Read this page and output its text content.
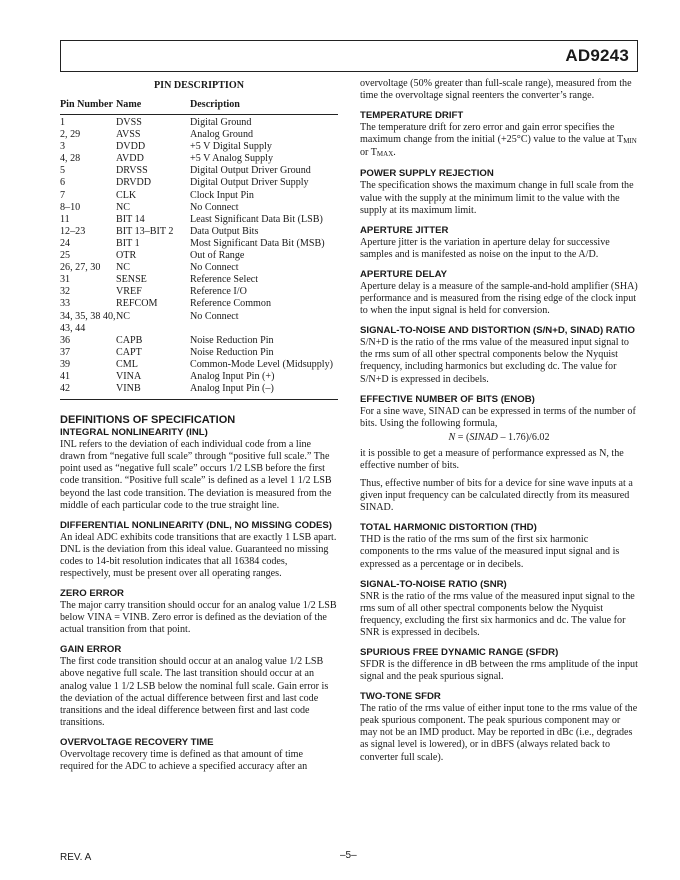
AD9243
PIN DESCRIPTION
Pin Number	Name	Description
1	DVSS	Digital Ground
2, 29	AVSS	Analog Ground
3	DVDD	+5 V Digital Supply
4, 28	AVDD	+5 V Analog Supply
5	DRVSS	Digital Output Driver Ground
6	DRVDD	Digital Output Driver Supply
7	CLK	Clock Input Pin
8–10	NC	No Connect
11	BIT 14	Least Significant Data Bit (LSB)
12–23	BIT 13–BIT 2	Data Output Bits
24	BIT 1	Most Significant Data Bit (MSB)
25	OTR	Out of Range
26, 27, 30	NC	No Connect
31	SENSE	Reference Select
32	VREF	Reference I/O
33	REFCOM	Reference Common
34, 35, 38 40, 43, 44	NC	No Connect
36	CAPB	Noise Reduction Pin
37	CAPT	Noise Reduction Pin
39	CML	Common-Mode Level (Midsupply)
41	VINA	Analog Input Pin (+)
42	VINB	Analog Input Pin (–)
DEFINITIONS OF SPECIFICATION
INTEGRAL NONLINEARITY (INL)

INL refers to the deviation of each individual code from a line drawn from “negative full scale” through “positive full scale.” The point used as “negative full scale” occurs 1/2 LSB before the first code transition. “Positive full scale” is defined as a level 1 1/2 LSB beyond the last code transition. The deviation is measured from the middle of each particular code to the true straight line.

DIFFERENTIAL NONLINEARITY (DNL, NO MISSING CODES)

An ideal ADC exhibits code transitions that are exactly 1 LSB apart. DNL is the deviation from this ideal value. Guaranteed no missing codes to 14-bit resolution indicates that all 16384 codes, respectively, must be present over all operating ranges.

ZERO ERROR

The major carry transition should occur for an analog value 1/2 LSB below VINA = VINB. Zero error is defined as the deviation of the actual transition from that point.

GAIN ERROR

The first code transition should occur at an analog value 1/2 LSB above negative full scale. The last transition should occur at an analog value 1 1/2 LSB below the nominal full scale. Gain error is the deviation of the actual difference between first and last code transitions and the ideal difference between first and last code transitions.

OVERVOLTAGE RECOVERY TIME

Overvoltage recovery time is defined as that amount of time required for the ADC to achieve a specified accuracy after an

overvoltage (50% greater than full-scale range), measured from the time the overvoltage signal reenters the converter’s range.

TEMPERATURE DRIFT

The temperature drift for zero error and gain error specifies the maximum change from the initial (+25°C) value to the value at $T_{MIN}$ or $T_{MAX}$.

POWER SUPPLY REJECTION

The specification shows the maximum change in full scale from the value with the supply at the minimum limit to the value with the supply at its maximum limit.

APERTURE JITTER

Aperture jitter is the variation in aperture delay for successive samples and is manifested as noise on the input to the A/D.

APERTURE DELAY

Aperture delay is a measure of the sample-and-hold amplifier (SHA) performance and is measured from the rising edge of the clock input to when the input signal is held for conversion.

SIGNAL-TO-NOISE AND DISTORTION (S/N+D, SINAD) RATIO

S/N+D is the ratio of the rms value of the measured input signal to the rms sum of all other spectral components below the Nyquist frequency, including harmonics but excluding dc. The value for S/N+D is expressed in decibels.

EFFECTIVE NUMBER OF BITS (ENOB)

For a sine wave, SINAD can be expressed in terms of the number of bits. Using the following formula,

N = (SINAD – 1.76)/6.02

it is possible to get a measure of performance expressed as N, the effective number of bits.

Thus, effective number of bits for a device for sine wave inputs at a given input frequency can be calculated directly from its measured SINAD.

TOTAL HARMONIC DISTORTION (THD)

THD is the ratio of the rms sum of the first six harmonic components to the rms value of the measured input signal and is expressed as a percentage or in decibels.

SIGNAL-TO-NOISE RATIO (SNR)

SNR is the ratio of the rms value of the measured input signal to the rms sum of all other spectral components below the Nyquist frequency, excluding the first six harmonics and dc. The value for SNR is expressed in decibels.

SPURIOUS FREE DYNAMIC RANGE (SFDR)

SFDR is the difference in dB between the rms amplitude of the input signal and the peak spurious signal.

TWO-TONE SFDR

The ratio of the rms value of either input tone to the rms value of the peak spurious component. The peak spurious component may or may not be an IMD product. May be reported in dBc (i.e., degrades as signal level is lowered), or in dBFS (always related back to converter full scale).

REV. A	–5–
